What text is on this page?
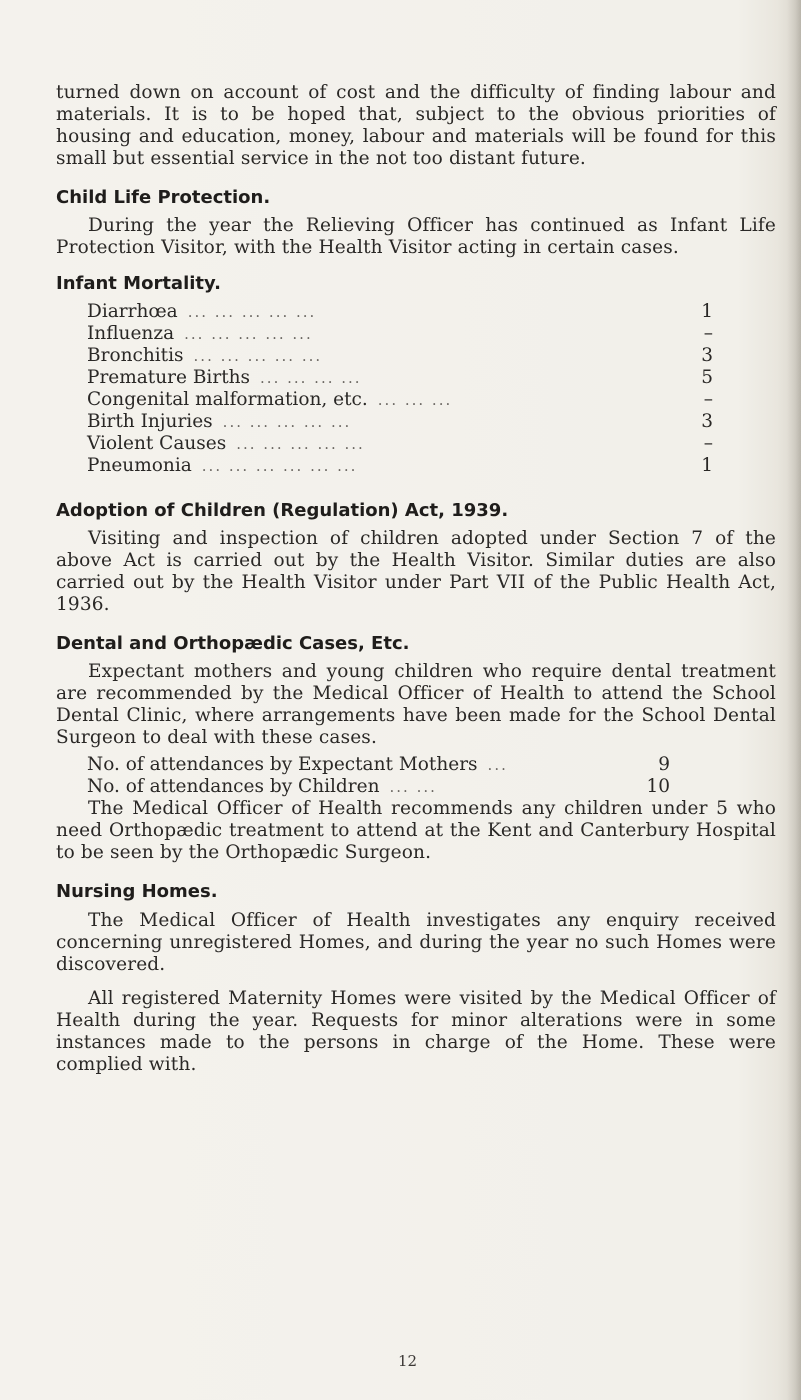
turned down on account of cost and the difficulty of finding labour and materials. It is to be hoped that, subject to the obvious priorities of housing and education, money, labour and materials will be found for this small but essential service in the not too distant future.

Child Life Protection.

During the year the Relieving Officer has continued as Infant Life Protection Visitor, with the Health Visitor acting in certain cases.

Infant Mortality.
Diarrhœa ... ... ... ... ...	1
Influenza ... ... ... ... ...	–
Bronchitis ... ... ... ... ...	3
Premature Births ... ... ... ...	5
Congenital malformation, etc. ... ... ...	–
Birth Injuries ... ... ... ... ...	3
Violent Causes ... ... ... ... ...	–
Pneumonia ... ... ... ... ... ...	1
Adoption of Children (Regulation) Act, 1939.

Visiting and inspection of children adopted under Section 7 of the above Act is carried out by the Health Visitor. Similar duties are also carried out by the Health Visitor under Part VII of the Public Health Act, 1936.

Dental and Orthopædic Cases, Etc.

Expectant mothers and young children who require dental treatment are recommended by the Medical Officer of Health to attend the School Dental Clinic, where arrangements have been made for the School Dental Surgeon to deal with these cases.

No. of attendances by Expectant Mothers ...	9
No. of attendances by Children ... ...	10

The Medical Officer of Health recommends any children under 5 who need Orthopædic treatment to attend at the Kent and Canterbury Hospital to be seen by the Orthopædic Surgeon.

Nursing Homes.

The Medical Officer of Health investigates any enquiry received concerning unregistered Homes, and during the year no such Homes were discovered.

All registered Maternity Homes were visited by the Medical Officer of Health during the year. Requests for minor alterations were in some instances made to the persons in charge of the Home. These were complied with.

12
